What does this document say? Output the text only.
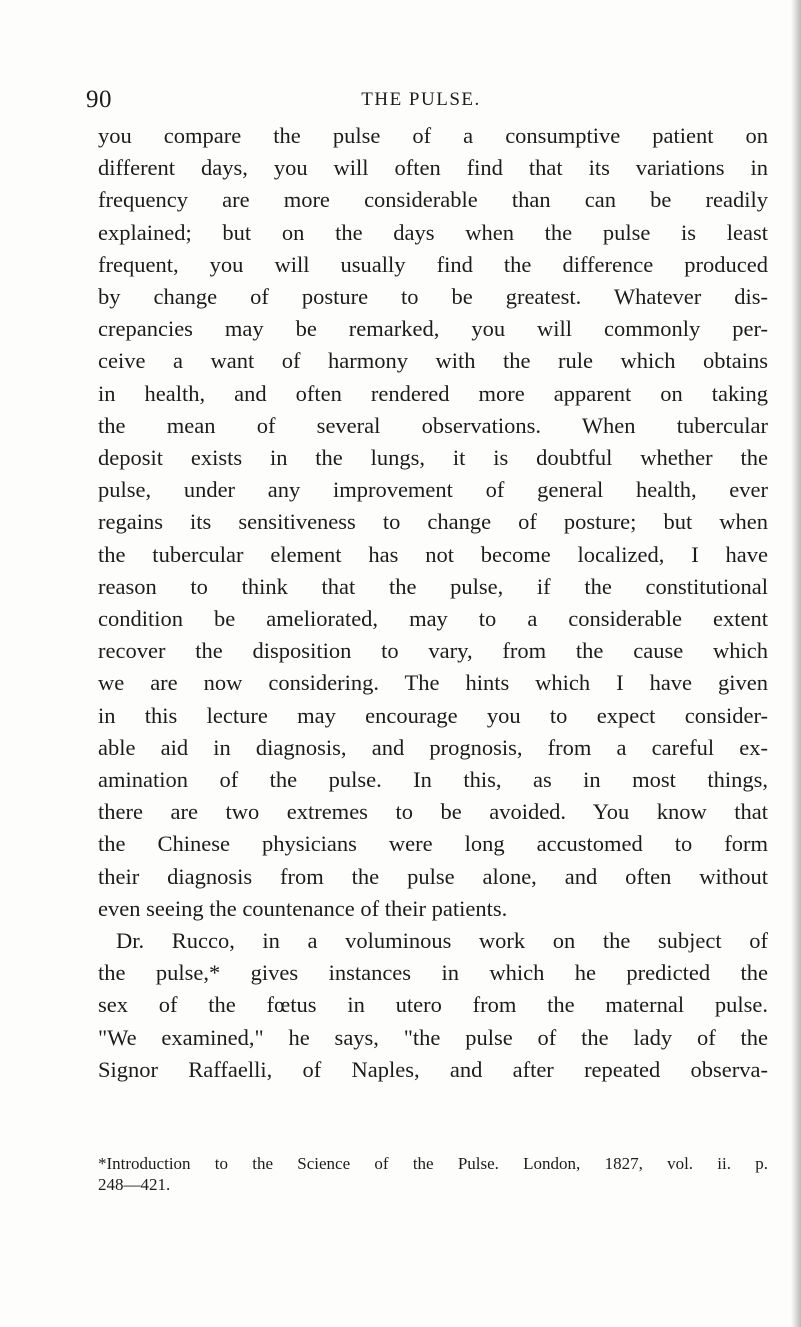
90	THE PULSE.
you compare the pulse of a consumptive patient on
different days, you will often find that its variations in
frequency are more considerable than can be readily
explained; but on the days when the pulse is least
frequent, you will usually find the difference produced
by change of posture to be greatest. Whatever dis-
crepancies may be remarked, you will commonly per-
ceive a want of harmony with the rule which obtains
in health, and often rendered more apparent on taking
the mean of several observations. When tubercular
deposit exists in the lungs, it is doubtful whether the
pulse, under any improvement of general health, ever
regains its sensitiveness to change of posture; but when
the tubercular element has not become localized, I have
reason to think that the pulse, if the constitutional
condition be ameliorated, may to a considerable extent
recover the disposition to vary, from the cause which
we are now considering. The hints which I have given
in this lecture may encourage you to expect consider-
able aid in diagnosis, and prognosis, from a careful ex-
amination of the pulse. In this, as in most things,
there are two extremes to be avoided. You know that
the Chinese physicians were long accustomed to form
their diagnosis from the pulse alone, and often without
even seeing the countenance of their patients.
Dr. Rucco, in a voluminous work on the subject of
the pulse,* gives instances in which he predicted the
sex of the fœtus in utero from the maternal pulse.
"We examined," he says, "the pulse of the lady of the
Signor Raffaelli, of Naples, and after repeated observa-
*Introduction to the Science of the Pulse. London, 1827, vol. ii. p.
248—421.
